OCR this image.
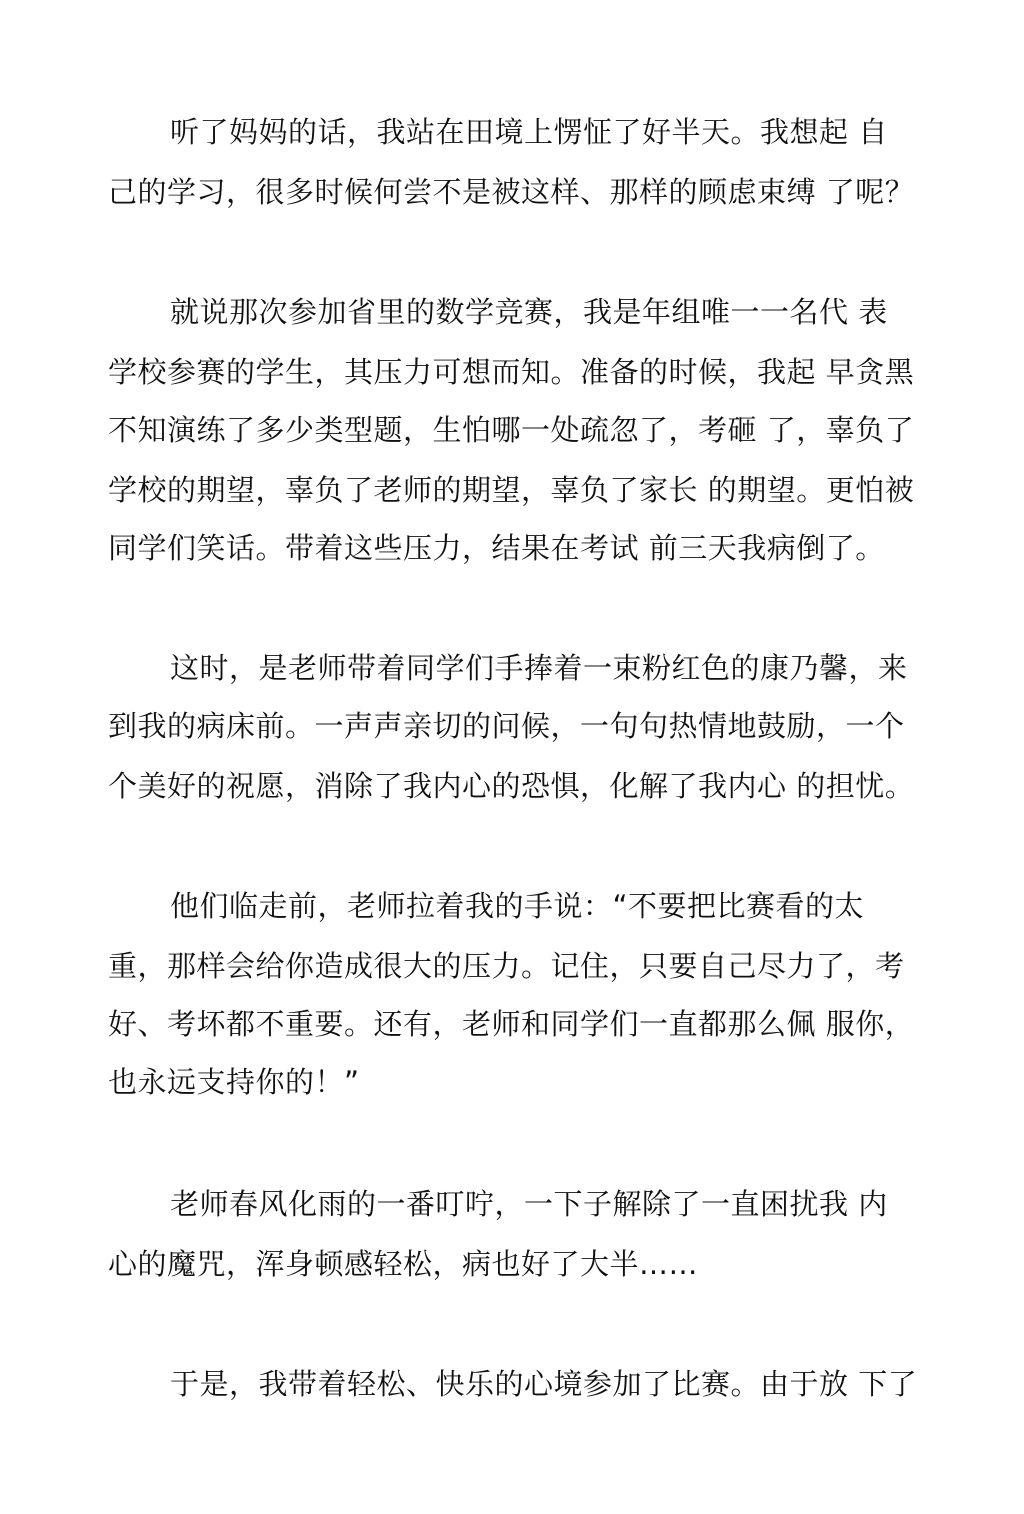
听了妈妈的话，我站在田境上愣怔了好半天。我想起 自
己的学习，很多时候何尝不是被这样、那样的顾虑束缚 了呢？
就说那次参加省里的数学竞赛，我是年组唯一一名代 表
学校参赛的学生，其压力可想而知。准备的时候，我起 早贪黑
不知演练了多少类型题，生怕哪一处疏忽了，考砸 了，辜负了
学校的期望，辜负了老师的期望，辜负了家长 的期望。更怕被
同学们笑话。带着这些压力，结果在考试 前三天我病倒了。
这时，是老师带着同学们手捧着一束粉红色的康乃馨，来
到我的病床前。一声声亲切的问候，一句句热情地鼓励，一个
个美好的祝愿，消除了我内心的恐惧，化解了我内心 的担忧。
他们临走前，老师拉着我的手说：“不要把比赛看的太
重，那样会给你造成很大的压力。记住，只要自己尽力了，考
好、考坏都不重要。还有，老师和同学们一直都那么佩 服你，
也永远支持你的！”
老师春风化雨的一番叮咛，一下子解除了一直困扰我 内
心的魔咒，浑身顿感轻松，病也好了大半……
于是，我带着轻松、快乐的心境参加了比赛。由于放 下了
